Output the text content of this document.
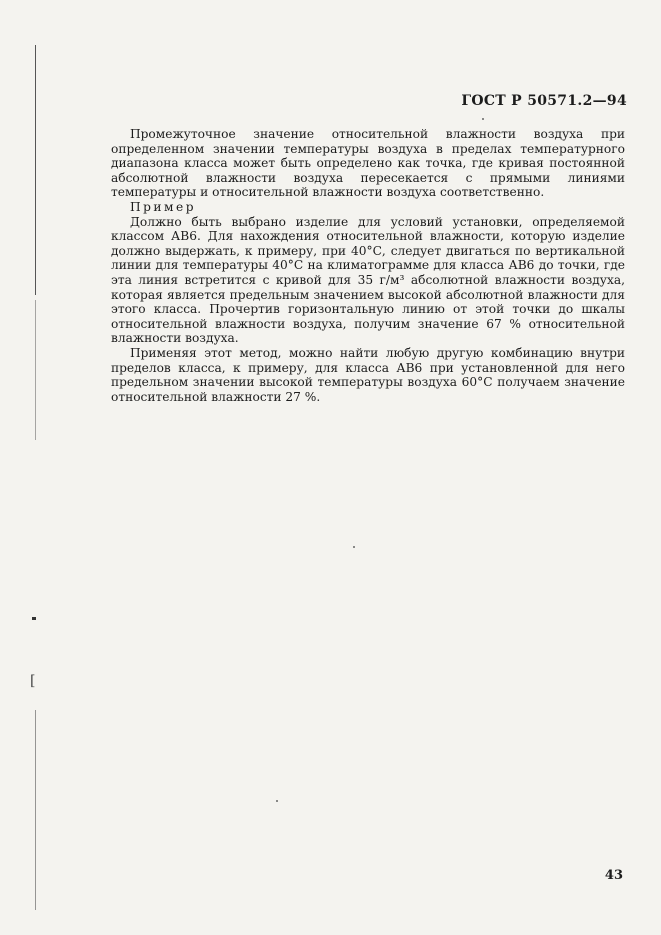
[
ГОСТ Р 50571.2—94

Промежуточное значение относительной влажности воздуха при определенном значении температуры воздуха в пределах температурного диапазона класса может быть определено как точка, где кривая постоянной абсолютной влажности воздуха пересекается с прямыми линиями температуры и относительной влажности воздуха соответственно.

Пример

Должно быть выбрано изделие для условий установки, определяемой классом АВ6. Для нахождения относительной влажности, которую изделие должно выдержать, к примеру, при 40°С, следует двигаться по вертикальной линии для температуры 40°С на климатограмме для класса АВ6 до точки, где эта линия встретится с кривой для 35 г/м³ абсолютной влажности воздуха, которая является предельным значением высокой абсолютной влажности для этого класса. Прочертив горизонтальную линию от этой точки до шкалы относительной влажности воздуха, получим значение 67 % относительной влажности воздуха.

Применяя этот метод, можно найти любую другую комбинацию внутри пределов класса, к примеру, для класса АВ6 при установленной для него предельном значении высокой температуры воздуха 60°С получаем значение относительной влажности 27 %.

43
